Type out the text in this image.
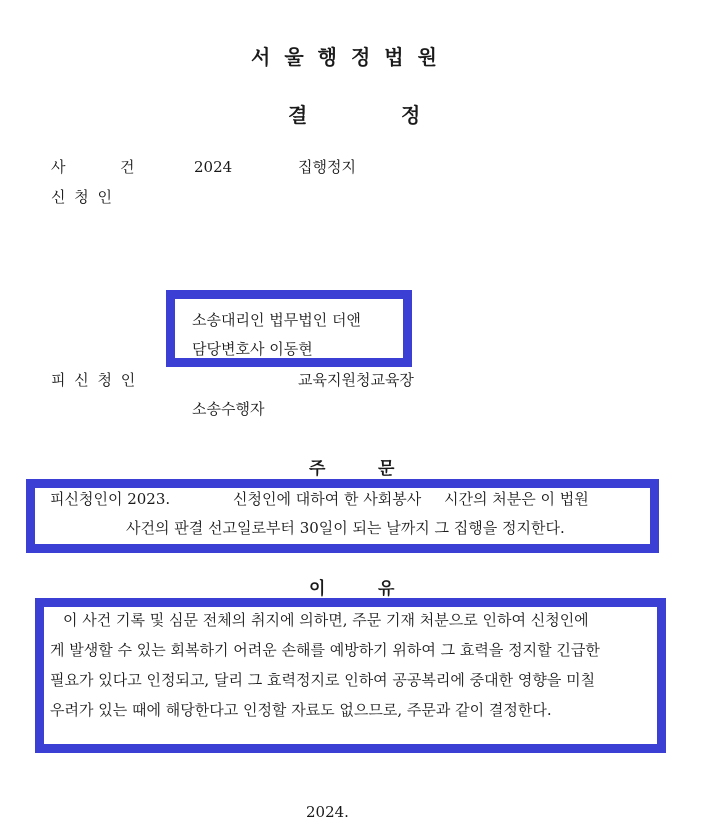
서울행정법원
결	정
사	건	2024	집행정지
신 청 인
소송대리인 법무법인 더앤
담당변호사 이동현
피 신 청 인	교육지원청교육장
소송수행자
주	문
피신청인이 2023.	신청인에 대하여 한 사회봉사 시간의 처분은 이 법원
사건의 판결 선고일로부터 30일이 되는 날까지 그 집행을 정지한다.
이	유
이 사건 기록 및 심문 전체의 취지에 의하면, 주문 기재 처분으로 인하여 신청인에
게 발생할 수 있는 회복하기 어려운 손해를 예방하기 위하여 그 효력을 정지할 긴급한
필요가 있다고 인정되고, 달리 그 효력정지로 인하여 공공복리에 중대한 영향을 미칠
우려가 있는 때에 해당한다고 인정할 자료도 없으므로, 주문과 같이 결정한다.
2024.
